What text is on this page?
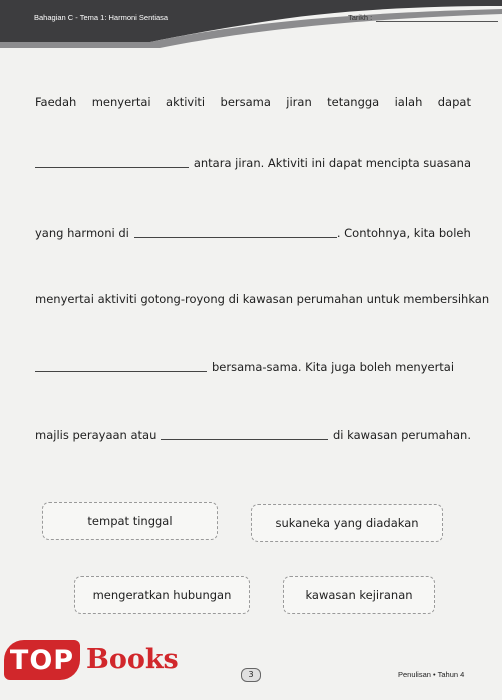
Bahagian C - Tema 1: Harmoni Sentiasa	Tarikh :
Faedah menyertai aktiviti bersama jiran tetangga ialah dapat
antara jiran. Aktiviti ini dapat mencipta suasana
yang harmoni di	. Contohnya, kita boleh
menyertai aktiviti gotong-royong di kawasan perumahan untuk membersihkan
bersama-sama. Kita juga boleh menyertai
majlis perayaan atau	di kawasan perumahan.
tempat tinggal	sukaneka yang diadakan
mengeratkan hubungan	kawasan kejiranan
TOP Books	3	Penulisan • Tahun 4
